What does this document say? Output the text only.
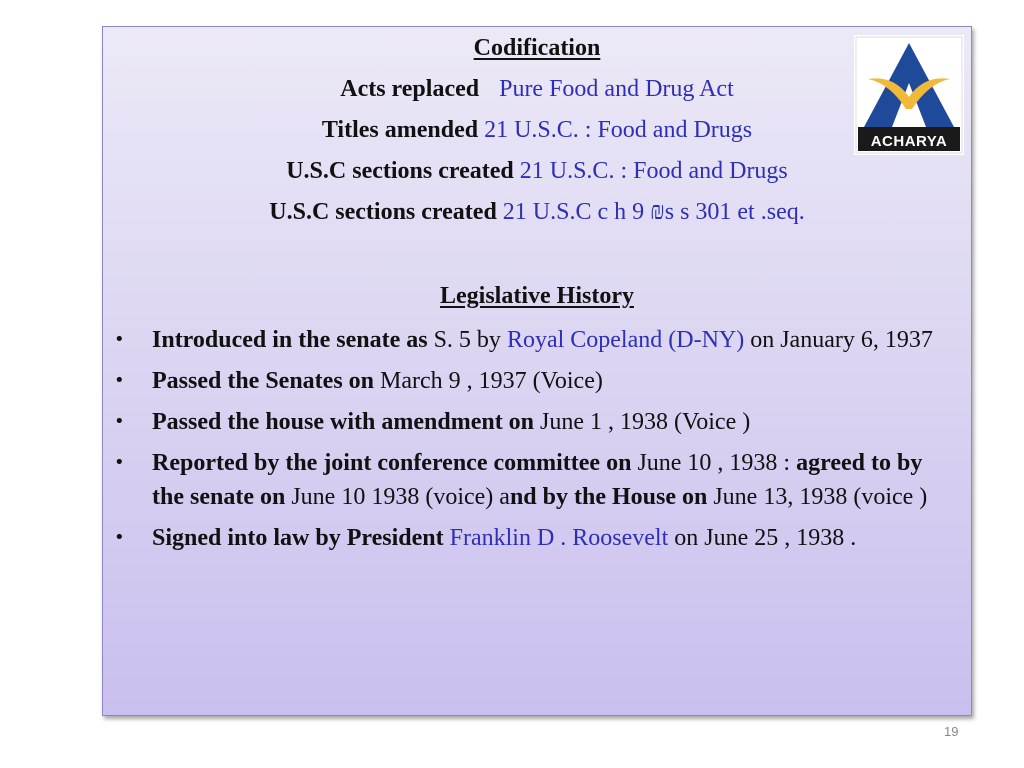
ACHARYA
Codification
Acts replaced Pure Food and Drug Act
Titles amended 21 U.S.C. : Food and Drugs
U.S.C sections created 21 U.S.C. : Food and Drugs
U.S.C sections created 21 U.S.C c h 9 ₪s s 301 et .seq.
Legislative History
• Introduced in the senate as S. 5 by Royal Copeland (D-NY) on January 6, 1937
• Passed the Senates on March 9 , 1937 (Voice)
• Passed the house with amendment on June 1 , 1938 (Voice )
• Reported by the joint conference committee on June 10 , 1938 : agreed to by the senate on June 10 1938 (voice) and by the House on June 13, 1938 (voice )
• Signed into law by President Franklin D . Roosevelt on June 25 , 1938 .
19
